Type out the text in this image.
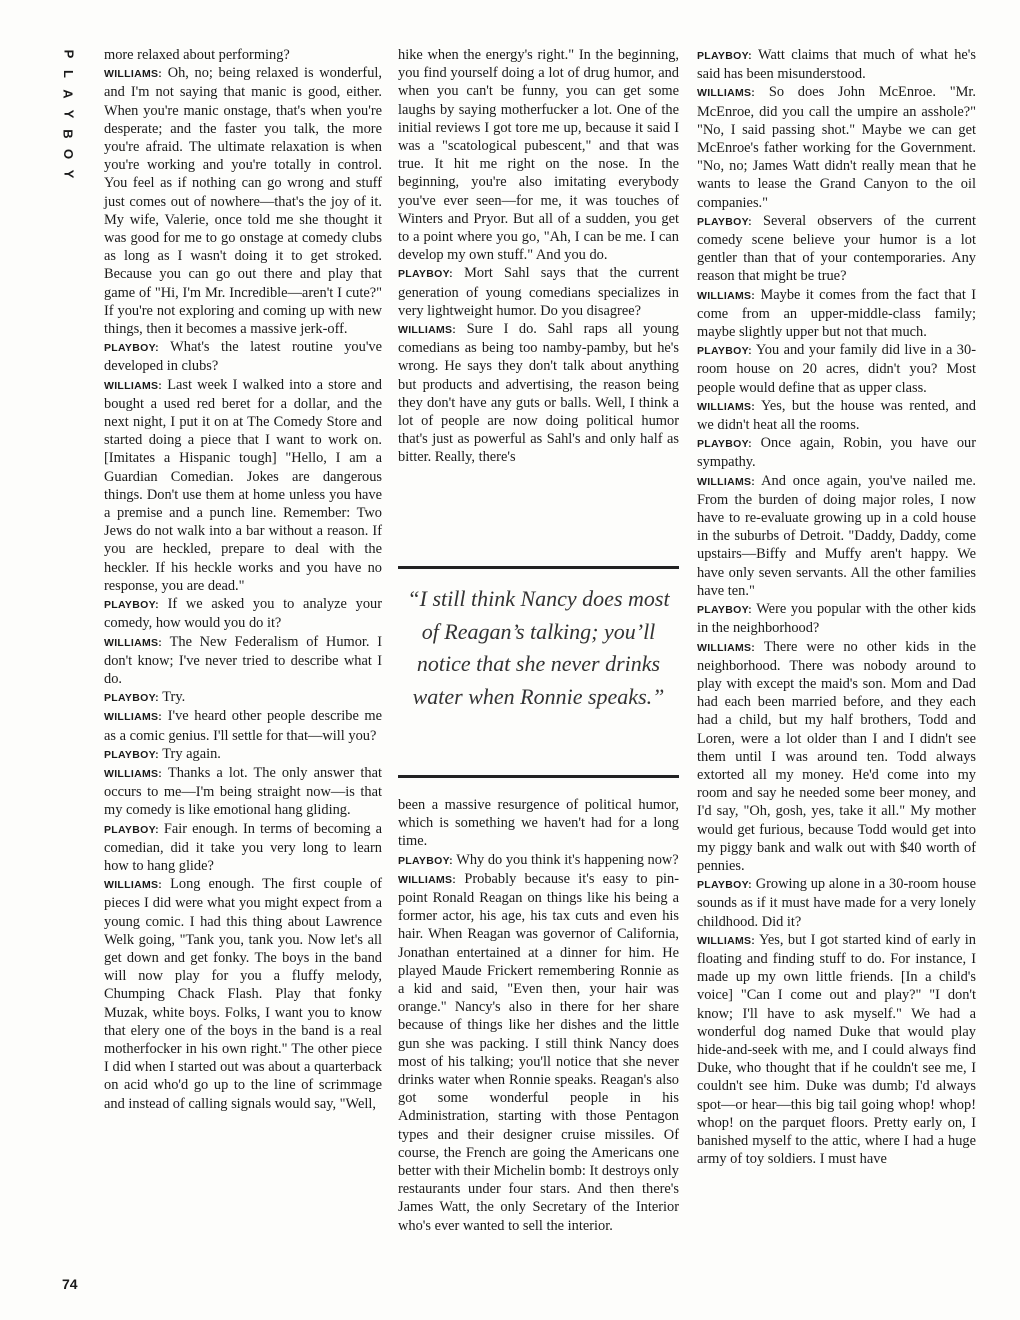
P
L
A
Y
B
O
Y
74

more relaxed about performing?

WILLIAMS: Oh, no; being relaxed is wonderful, and I'm not saying that manic is good, either. When you're manic onstage, that's when you're desperate; and the faster you talk, the more you're afraid. The ultimate relaxation is when you're working and you're totally in control. You feel as if nothing can go wrong and stuff just comes out of nowhere—that's the joy of it. My wife, Valerie, once told me she thought it was good for me to go onstage at comedy clubs as long as I wasn't doing it to get stroked. Because you can go out there and play that game of "Hi, I'm Mr. Incredible—aren't I cute?" If you're not exploring and coming up with new things, then it becomes a massive jerk-off.

PLAYBOY: What's the latest routine you've developed in clubs?

WILLIAMS: Last week I walked into a store and bought a used red beret for a dollar, and the next night, I put it on at The Comedy Store and started doing a piece that I want to work on. [Imitates a Hispanic tough] "Hello, I am a Guardian Comedian. Jokes are dangerous things. Don't use them at home unless you have a premise and a punch line. Remember: Two Jews do not walk into a bar without a reason. If you are heckled, prepare to deal with the heckler. If his heckle works and you have no response, you are dead."

PLAYBOY: If we asked you to analyze your comedy, how would you do it?

WILLIAMS: The New Federalism of Humor. I don't know; I've never tried to describe what I do.

PLAYBOY: Try.

WILLIAMS: I've heard other people describe me as a comic genius. I'll settle for that—will you?

PLAYBOY: Try again.

WILLIAMS: Thanks a lot. The only answer that occurs to me—I'm being straight now—is that my comedy is like emotional hang gliding.

PLAYBOY: Fair enough. In terms of becoming a comedian, did it take you very long to learn how to hang glide?

WILLIAMS: Long enough. The first couple of pieces I did were what you might expect from a young comic. I had this thing about Lawrence Welk going, "Tank you, tank you. Now let's all get down and get fonky. The boys in the band will now play for you a fluffy melody, Chumping Chack Flash. Play that fonky Muzak, white boys. Folks, I want you to know that elery one of the boys in the band is a real motherfocker in his own right." The other piece I did when I started out was about a quarterback on acid who'd go up to the line of scrimmage and instead of calling signals would say, "Well,

hike when the energy's right." In the beginning, you find yourself doing a lot of drug humor, and when you can't be funny, you can get some laughs by saying motherfucker a lot. One of the initial reviews I got tore me up, because it said I was a "scatological pubescent," and that was true. It hit me right on the nose. In the beginning, you're also imitating everybody you've ever seen—for me, it was touches of Winters and Pryor. But all of a sudden, you get to a point where you go, "Ah, I can be me. I can develop my own stuff." And you do.

PLAYBOY: Mort Sahl says that the current generation of young comedians specializes in very lightweight humor. Do you disagree?

WILLIAMS: Sure I do. Sahl raps all young comedians as being too namby-pamby, but he's wrong. He says they don't talk about anything but products and advertising, the reason being they don't have any guts or balls. Well, I think a lot of people are now doing political humor that's just as powerful as Sahl's and only half as bitter. Really, there's

“I still think Nancy does most of Reagan’s talking; you’ll notice that she never drinks water when Ronnie speaks.”

been a massive resurgence of political humor, which is something we haven't had for a long time.

PLAYBOY: Why do you think it's happening now?

WILLIAMS: Probably because it's easy to pin-point Ronald Reagan on things like his being a former actor, his age, his tax cuts and even his hair. When Reagan was governor of California, Jonathan entertained at a dinner for him. He played Maude Frickert remembering Ronnie as a kid and said, "Even then, your hair was orange." Nancy's also in there for her share because of things like her dishes and the little gun she was packing. I still think Nancy does most of his talking; you'll notice that she never drinks water when Ronnie speaks. Reagan's also got some wonderful people in his Administration, starting with those Pentagon types and their designer cruise missiles. Of course, the French are going the Americans one better with their Michelin bomb: It destroys only restaurants under four stars. And then there's James Watt, the only Secretary of the Interior who's ever wanted to sell the interior.

PLAYBOY: Watt claims that much of what he's said has been misunderstood.

WILLIAMS: So does John McEnroe. "Mr. McEnroe, did you call the umpire an asshole?" "No, I said passing shot." Maybe we can get McEnroe's father working for the Government. "No, no; James Watt didn't really mean that he wants to lease the Grand Canyon to the oil companies."

PLAYBOY: Several observers of the current comedy scene believe your humor is a lot gentler than that of your contemporaries. Any reason that might be true?

WILLIAMS: Maybe it comes from the fact that I come from an upper-middle-class family; maybe slightly upper but not that much.

PLAYBOY: You and your family did live in a 30-room house on 20 acres, didn't you? Most people would define that as upper class.

WILLIAMS: Yes, but the house was rented, and we didn't heat all the rooms.

PLAYBOY: Once again, Robin, you have our sympathy.

WILLIAMS: And once again, you've nailed me. From the burden of doing major roles, I now have to re-evaluate growing up in a cold house in the suburbs of Detroit. "Daddy, Daddy, come upstairs—Biffy and Muffy aren't happy. We have only seven servants. All the other families have ten."

PLAYBOY: Were you popular with the other kids in the neighborhood?

WILLIAMS: There were no other kids in the neighborhood. There was nobody around to play with except the maid's son. Mom and Dad had each been married before, and they each had a child, but my half brothers, Todd and Loren, were a lot older than I and I didn't see them until I was around ten. Todd always extorted all my money. He'd come into my room and say he needed some beer money, and I'd say, "Oh, gosh, yes, take it all." My mother would get furious, because Todd would get into my piggy bank and walk out with $40 worth of pennies.

PLAYBOY: Growing up alone in a 30-room house sounds as if it must have made for a very lonely childhood. Did it?

WILLIAMS: Yes, but I got started kind of early in floating and finding stuff to do. For instance, I made up my own little friends. [In a child's voice] "Can I come out and play?" "I don't know; I'll have to ask myself." We had a wonderful dog named Duke that would play hide-and-seek with me, and I could always find Duke, who thought that if he couldn't see me, I couldn't see him. Duke was dumb; I'd always spot—or hear—this big tail going whop! whop! whop! on the parquet floors. Pretty early on, I banished myself to the attic, where I had a huge army of toy soldiers. I must have
